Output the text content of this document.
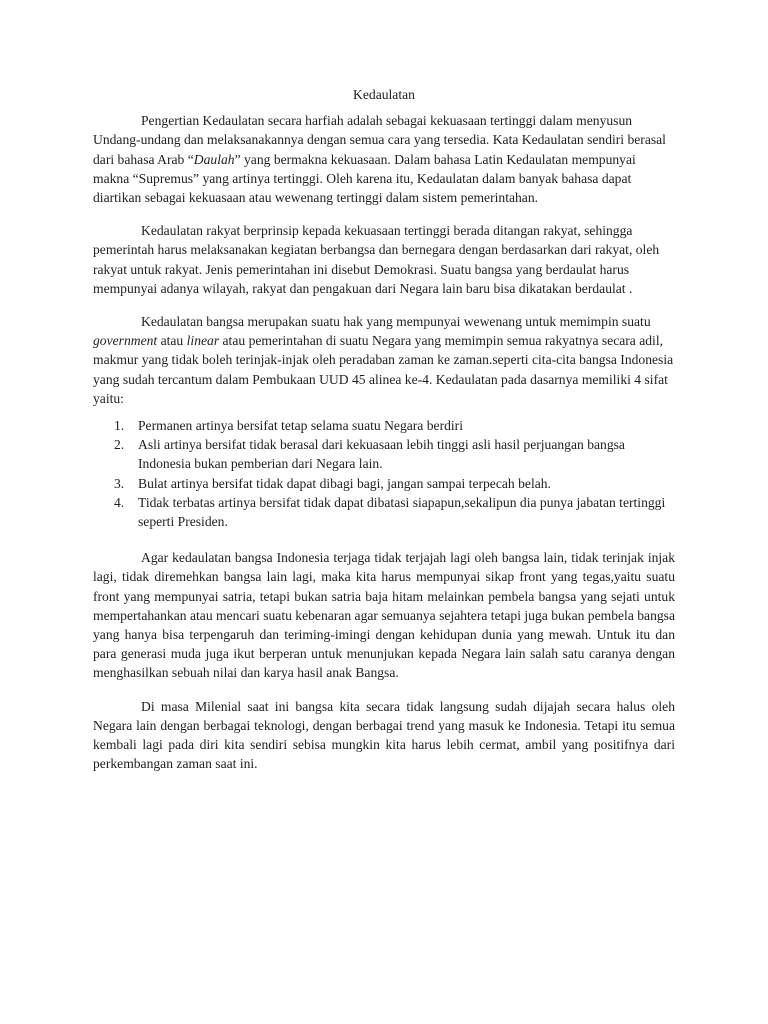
Kedaulatan

Pengertian Kedaulatan secara harfiah adalah sebagai kekuasaan tertinggi dalam menyusun Undang-undang dan melaksanakannya dengan semua cara yang tersedia. Kata Kedaulatan sendiri berasal dari bahasa Arab “Daulah” yang bermakna kekuasaan. Dalam bahasa Latin Kedaulatan mempunyai makna “Supremus” yang artinya tertinggi. Oleh karena itu, Kedaulatan dalam banyak bahasa dapat diartikan sebagai kekuasaan atau wewenang tertinggi dalam sistem pemerintahan.

Kedaulatan rakyat berprinsip kepada kekuasaan tertinggi berada ditangan rakyat, sehingga pemerintah harus melaksanakan kegiatan berbangsa dan bernegara dengan berdasarkan dari rakyat, oleh rakyat untuk rakyat. Jenis pemerintahan ini disebut Demokrasi. Suatu bangsa yang berdaulat harus mempunyai adanya wilayah, rakyat dan pengakuan dari Negara lain baru bisa dikatakan berdaulat .

Kedaulatan bangsa merupakan suatu hak yang mempunyai wewenang untuk memimpin suatu government atau linear atau pemerintahan di suatu Negara yang memimpin semua rakyatnya secara adil, makmur yang tidak boleh terinjak-injak oleh peradaban zaman ke zaman.seperti cita-cita bangsa Indonesia yang sudah tercantum dalam Pembukaan UUD 45 alinea ke-4. Kedaulatan pada dasarnya memiliki 4 sifat yaitu:

1. Permanen artinya bersifat tetap selama suatu Negara berdiri
2. Asli artinya bersifat tidak berasal dari kekuasaan lebih tinggi asli hasil perjuangan bangsa Indonesia bukan pemberian dari Negara lain.
3. Bulat artinya bersifat tidak dapat dibagi bagi, jangan sampai terpecah belah.
4. Tidak terbatas artinya bersifat tidak dapat dibatasi siapapun,sekalipun dia punya jabatan tertinggi seperti Presiden.

Agar kedaulatan bangsa Indonesia terjaga tidak terjajah lagi oleh bangsa lain, tidak terinjak injak lagi, tidak diremehkan bangsa lain lagi, maka kita harus mempunyai sikap front yang tegas,yaitu suatu front yang mempunyai satria, tetapi bukan satria baja hitam melainkan pembela bangsa yang sejati untuk mempertahankan atau mencari suatu kebenaran agar semuanya sejahtera tetapi juga bukan pembela bangsa yang hanya bisa terpengaruh dan teriming-imingi dengan kehidupan dunia yang mewah. Untuk itu dan para generasi muda juga ikut berperan untuk menunjukan kepada Negara lain salah satu caranya dengan menghasilkan sebuah nilai dan karya hasil anak Bangsa.

Di masa Milenial saat ini bangsa kita secara tidak langsung sudah dijajah secara halus oleh Negara lain dengan berbagai teknologi, dengan berbagai trend yang masuk ke Indonesia. Tetapi itu semua kembali lagi pada diri kita sendiri sebisa mungkin kita harus lebih cermat, ambil yang positifnya dari perkembangan zaman saat ini.
